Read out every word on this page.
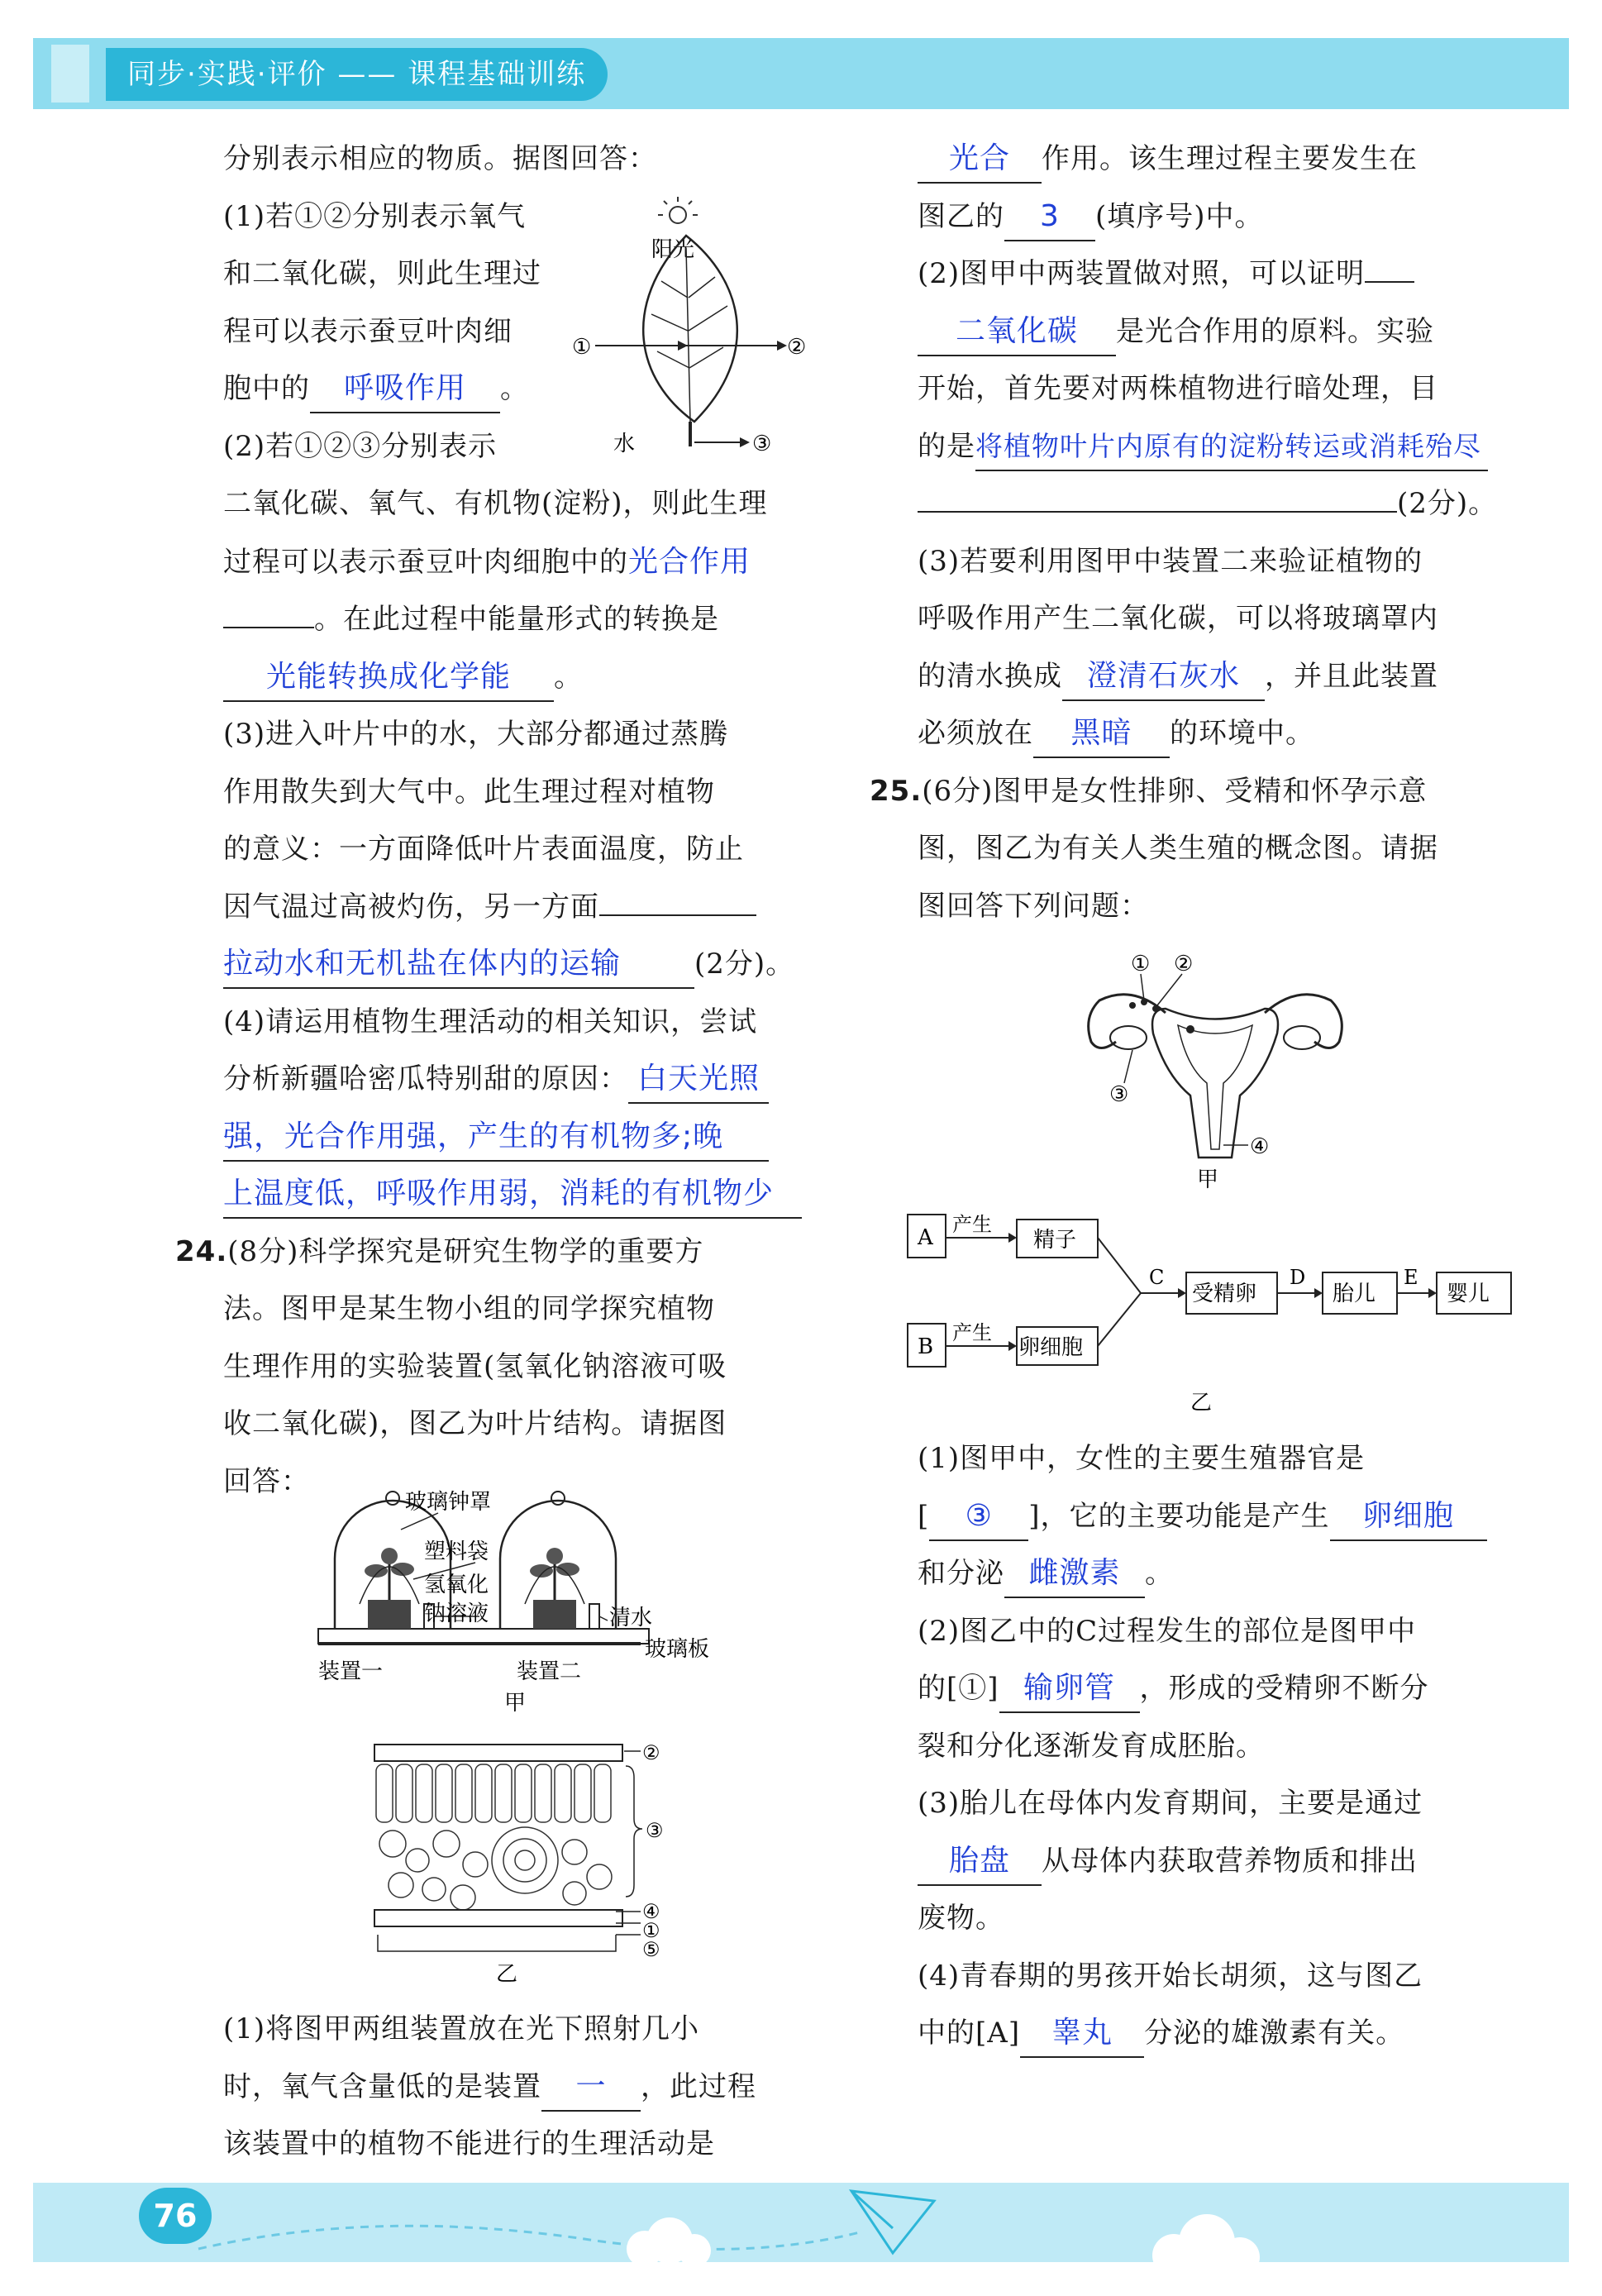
同步·实践·评价 —— 课程基础训练

分别表示相应的物质。据图回答：

(1)若①②分别表示氧气

和二氧化碳，则此生理过

程可以表示蚕豆叶肉细

胞中的 呼吸作用 。

(2)若①②③分别表示

二氧化碳、氧气、有机物(淀粉)，则此生理

过程可以表示蚕豆叶肉细胞中的光合作用

。在此过程中能量形式的转换是

光能转换成化学能 。

(3)进入叶片中的水，大部分都通过蒸腾

作用散失到大气中。此生理过程对植物

的意义：一方面降低叶片表面温度，防止

因气温过高被灼伤，另一方面

拉动水和无机盐在体内的运输	(2分)。

(4)请运用植物生理活动的相关知识，尝试

分析新疆哈密瓜特别甜的原因： 白天光照

强，光合作用强，产生的有机物多;晚

上温度低，呼吸作用弱，消耗的有机物少

24.(8分)科学探究是研究生物学的重要方

法。图甲是某生物小组的同学探究植物

生理作用的实验装置(氢氧化钠溶液可吸

收二氧化碳)，图乙为叶片结构。请据图

回答：

(1)将图甲两组装置放在光下照射几小

时，氧气含量低的是装置 一 ，此过程

该装置中的植物不能进行的生理活动是

阳光
①	②
③
水
玻璃钟罩
塑料袋
氢氧化
钠溶液	清水
玻璃板
装置一	装置二
甲
②
③
④
①
⑤
乙

光合 作用。该生理过程主要发生在

图乙的 3 (填序号)中。

(2)图甲中两装置做对照，可以证明

二氧化碳 是光合作用的原料。实验

开始，首先要对两株植物进行暗处理，目

的是将植物叶片内原有的淀粉转运或消耗殆尽

(2分)。

(3)若要利用图甲中装置二来验证植物的

呼吸作用产生二氧化碳，可以将玻璃罩内

的清水换成 澄清石灰水 ，并且此装置

必须放在 黑暗 的环境中。

25.(6分)图甲是女性排卵、受精和怀孕示意

图，图乙为有关人类生殖的概念图。请据

图回答下列问题：

① ②
③
④
甲
A
B
产生
产生
精子
卵细胞
C
受精卵
D
胎儿
E
婴儿
乙

(1)图甲中，女性的主要生殖器官是

[ ③ ]，它的主要功能是产生 卵细胞

和分泌 雌激素 。

(2)图乙中的C过程发生的部位是图甲中

的[①] 输卵管 ，形成的受精卵不断分

裂和分化逐渐发育成胚胎。

(3)胎儿在母体内发育期间，主要是通过

胎盘 从母体内获取营养物质和排出

废物。

(4)青春期的男孩开始长胡须，这与图乙

中的[A] 睾丸 分泌的雄激素有关。

76
